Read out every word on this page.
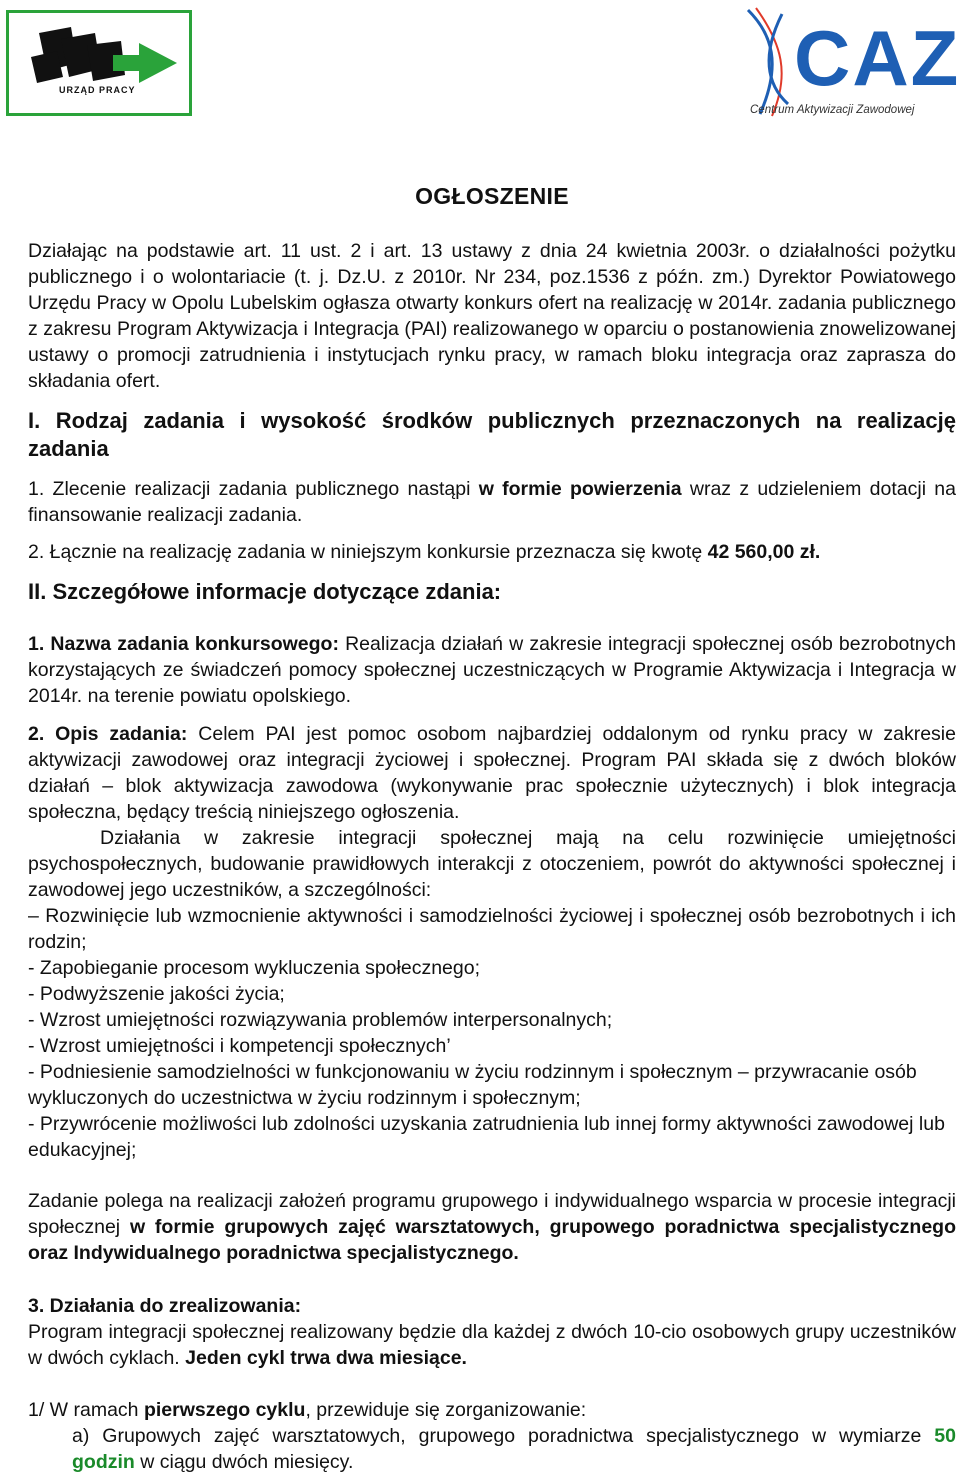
URZĄD PRACY	CAZ
Centrum Aktywizacji Zawodowej
OGŁOSZENIE

Działając na podstawie art. 11 ust. 2 i art. 13 ustawy z dnia 24 kwietnia 2003r. o działalności pożytku publicznego i o wolontariacie (t. j. Dz.U. z 2010r. Nr 234, poz.1536 z późn. zm.) Dyrektor Powiatowego Urzędu Pracy w Opolu Lubelskim ogłasza otwarty konkurs ofert na realizację w 2014r. zadania publicznego z zakresu Program Aktywizacja i Integracja (PAI) realizowanego w oparciu o postanowienia znowelizowanej ustawy o promocji zatrudnienia i instytucjach rynku pracy, w ramach bloku integracja oraz zaprasza do składania ofert.

I. Rodzaj zadania i wysokość środków publicznych przeznaczonych na realizację zadania

1. Zlecenie realizacji zadania publicznego nastąpi w formie powierzenia wraz z udzieleniem dotacji na finansowanie realizacji zadania.

2. Łącznie na realizację zadania w niniejszym konkursie przeznacza się kwotę 42 560,00 zł.

II. Szczegółowe informacje dotyczące zdania:

1. Nazwa zadania konkursowego: Realizacja działań w zakresie integracji społecznej osób bezrobotnych korzystających ze świadczeń pomocy społecznej uczestniczących w Programie Aktywizacja i Integracja w 2014r. na terenie powiatu opolskiego.

2. Opis zadania: Celem PAI jest pomoc osobom najbardziej oddalonym od rynku pracy w zakresie aktywizacji zawodowej oraz integracji życiowej i społecznej. Program PAI składa się z dwóch bloków działań – blok aktywizacja zawodowa (wykonywanie prac społecznie użytecznych) i blok integracja społeczna, będący treścią niniejszego ogłoszenia.

Działania w zakresie integracji społecznej mają na celu rozwinięcie umiejętności psychospołecznych, budowanie prawidłowych interakcji z otoczeniem, powrót do aktywności społecznej i zawodowej jego uczestników, a szczególności:

– Rozwinięcie lub wzmocnienie aktywności i samodzielności życiowej i społecznej osób bezrobotnych i ich rodzin;

- Zapobieganie procesom wykluczenia społecznego;

- Podwyższenie jakości życia;

- Wzrost umiejętności rozwiązywania problemów interpersonalnych;

- Wzrost umiejętności i kompetencji społecznych’

- Podniesienie samodzielności w funkcjonowaniu w życiu rodzinnym i społecznym – przywracanie osób wykluczonych do uczestnictwa w życiu rodzinnym i społecznym;

- Przywrócenie możliwości lub zdolności uzyskania zatrudnienia lub innej formy aktywności zawodowej lub edukacyjnej;

Zadanie polega na realizacji założeń programu grupowego i indywidualnego wsparcia w procesie integracji społecznej w formie grupowych zajęć warsztatowych, grupowego poradnictwa specjalistycznego oraz Indywidualnego poradnictwa specjalistycznego.

3. Działania do zrealizowania:

Program integracji społecznej realizowany będzie dla każdej z dwóch 10-cio osobowych grupy uczestników w dwóch cyklach. Jeden cykl trwa dwa miesiące.

1/ W ramach pierwszego cyklu, przewiduje się zorganizowanie:

a) Grupowych zajęć warsztatowych, grupowego poradnictwa specjalistycznego w wymiarze 50 godzin w ciągu dwóch miesięcy.
